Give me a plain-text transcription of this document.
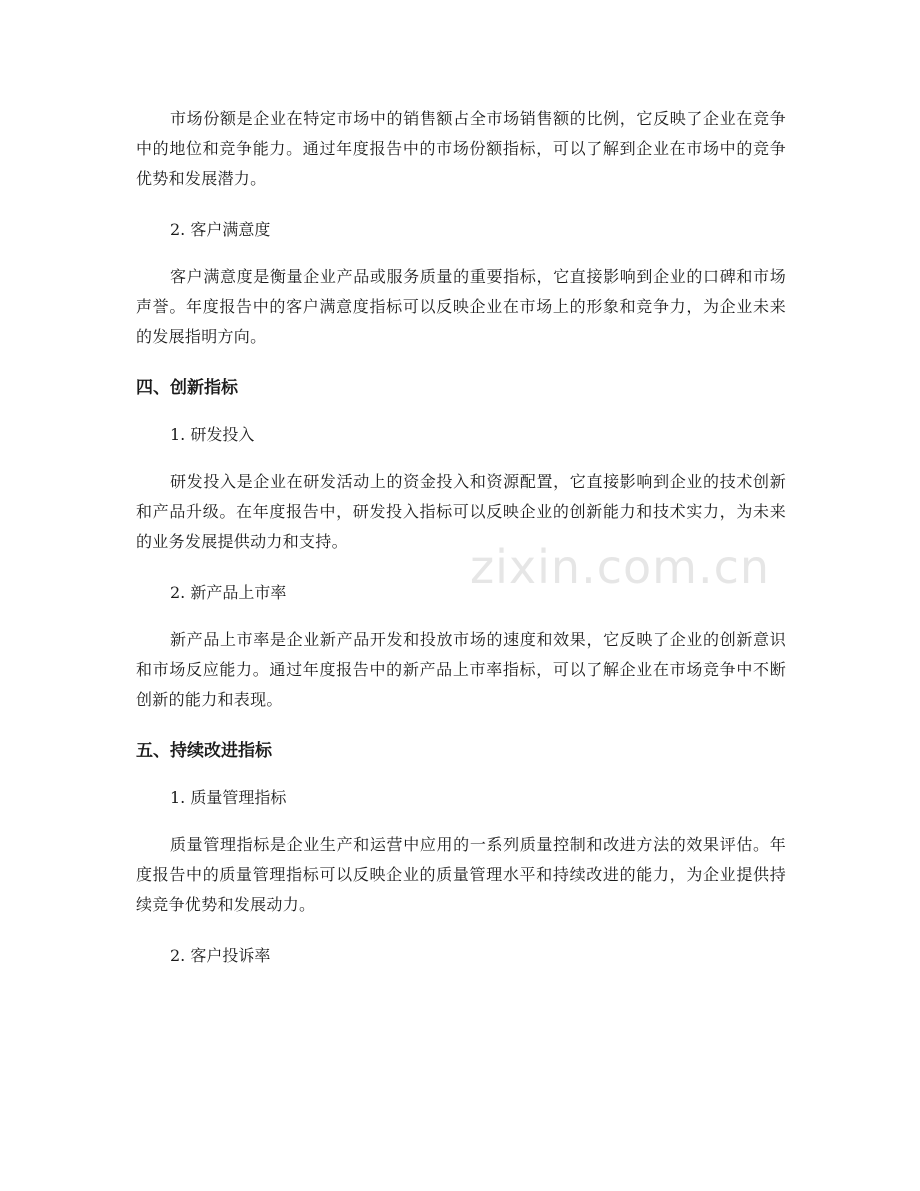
市场份额是企业在特定市场中的销售额占全市场销售额的比例，它反映了企业在竞争中的地位和竞争能力。通过年度报告中的市场份额指标，可以了解到企业在市场中的竞争优势和发展潜力。

2. 客户满意度

客户满意度是衡量企业产品或服务质量的重要指标，它直接影响到企业的口碑和市场声誉。年度报告中的客户满意度指标可以反映企业在市场上的形象和竞争力，为企业未来的发展指明方向。

四、创新指标

1. 研发投入

研发投入是企业在研发活动上的资金投入和资源配置，它直接影响到企业的技术创新和产品升级。在年度报告中，研发投入指标可以反映企业的创新能力和技术实力，为未来的业务发展提供动力和支持。

2. 新产品上市率

新产品上市率是企业新产品开发和投放市场的速度和效果，它反映了企业的创新意识和市场反应能力。通过年度报告中的新产品上市率指标，可以了解企业在市场竞争中不断创新的能力和表现。

五、持续改进指标

1. 质量管理指标

质量管理指标是企业生产和运营中应用的一系列质量控制和改进方法的效果评估。年度报告中的质量管理指标可以反映企业的质量管理水平和持续改进的能力，为企业提供持续竞争优势和发展动力。

2. 客户投诉率

zixin.com.cn
